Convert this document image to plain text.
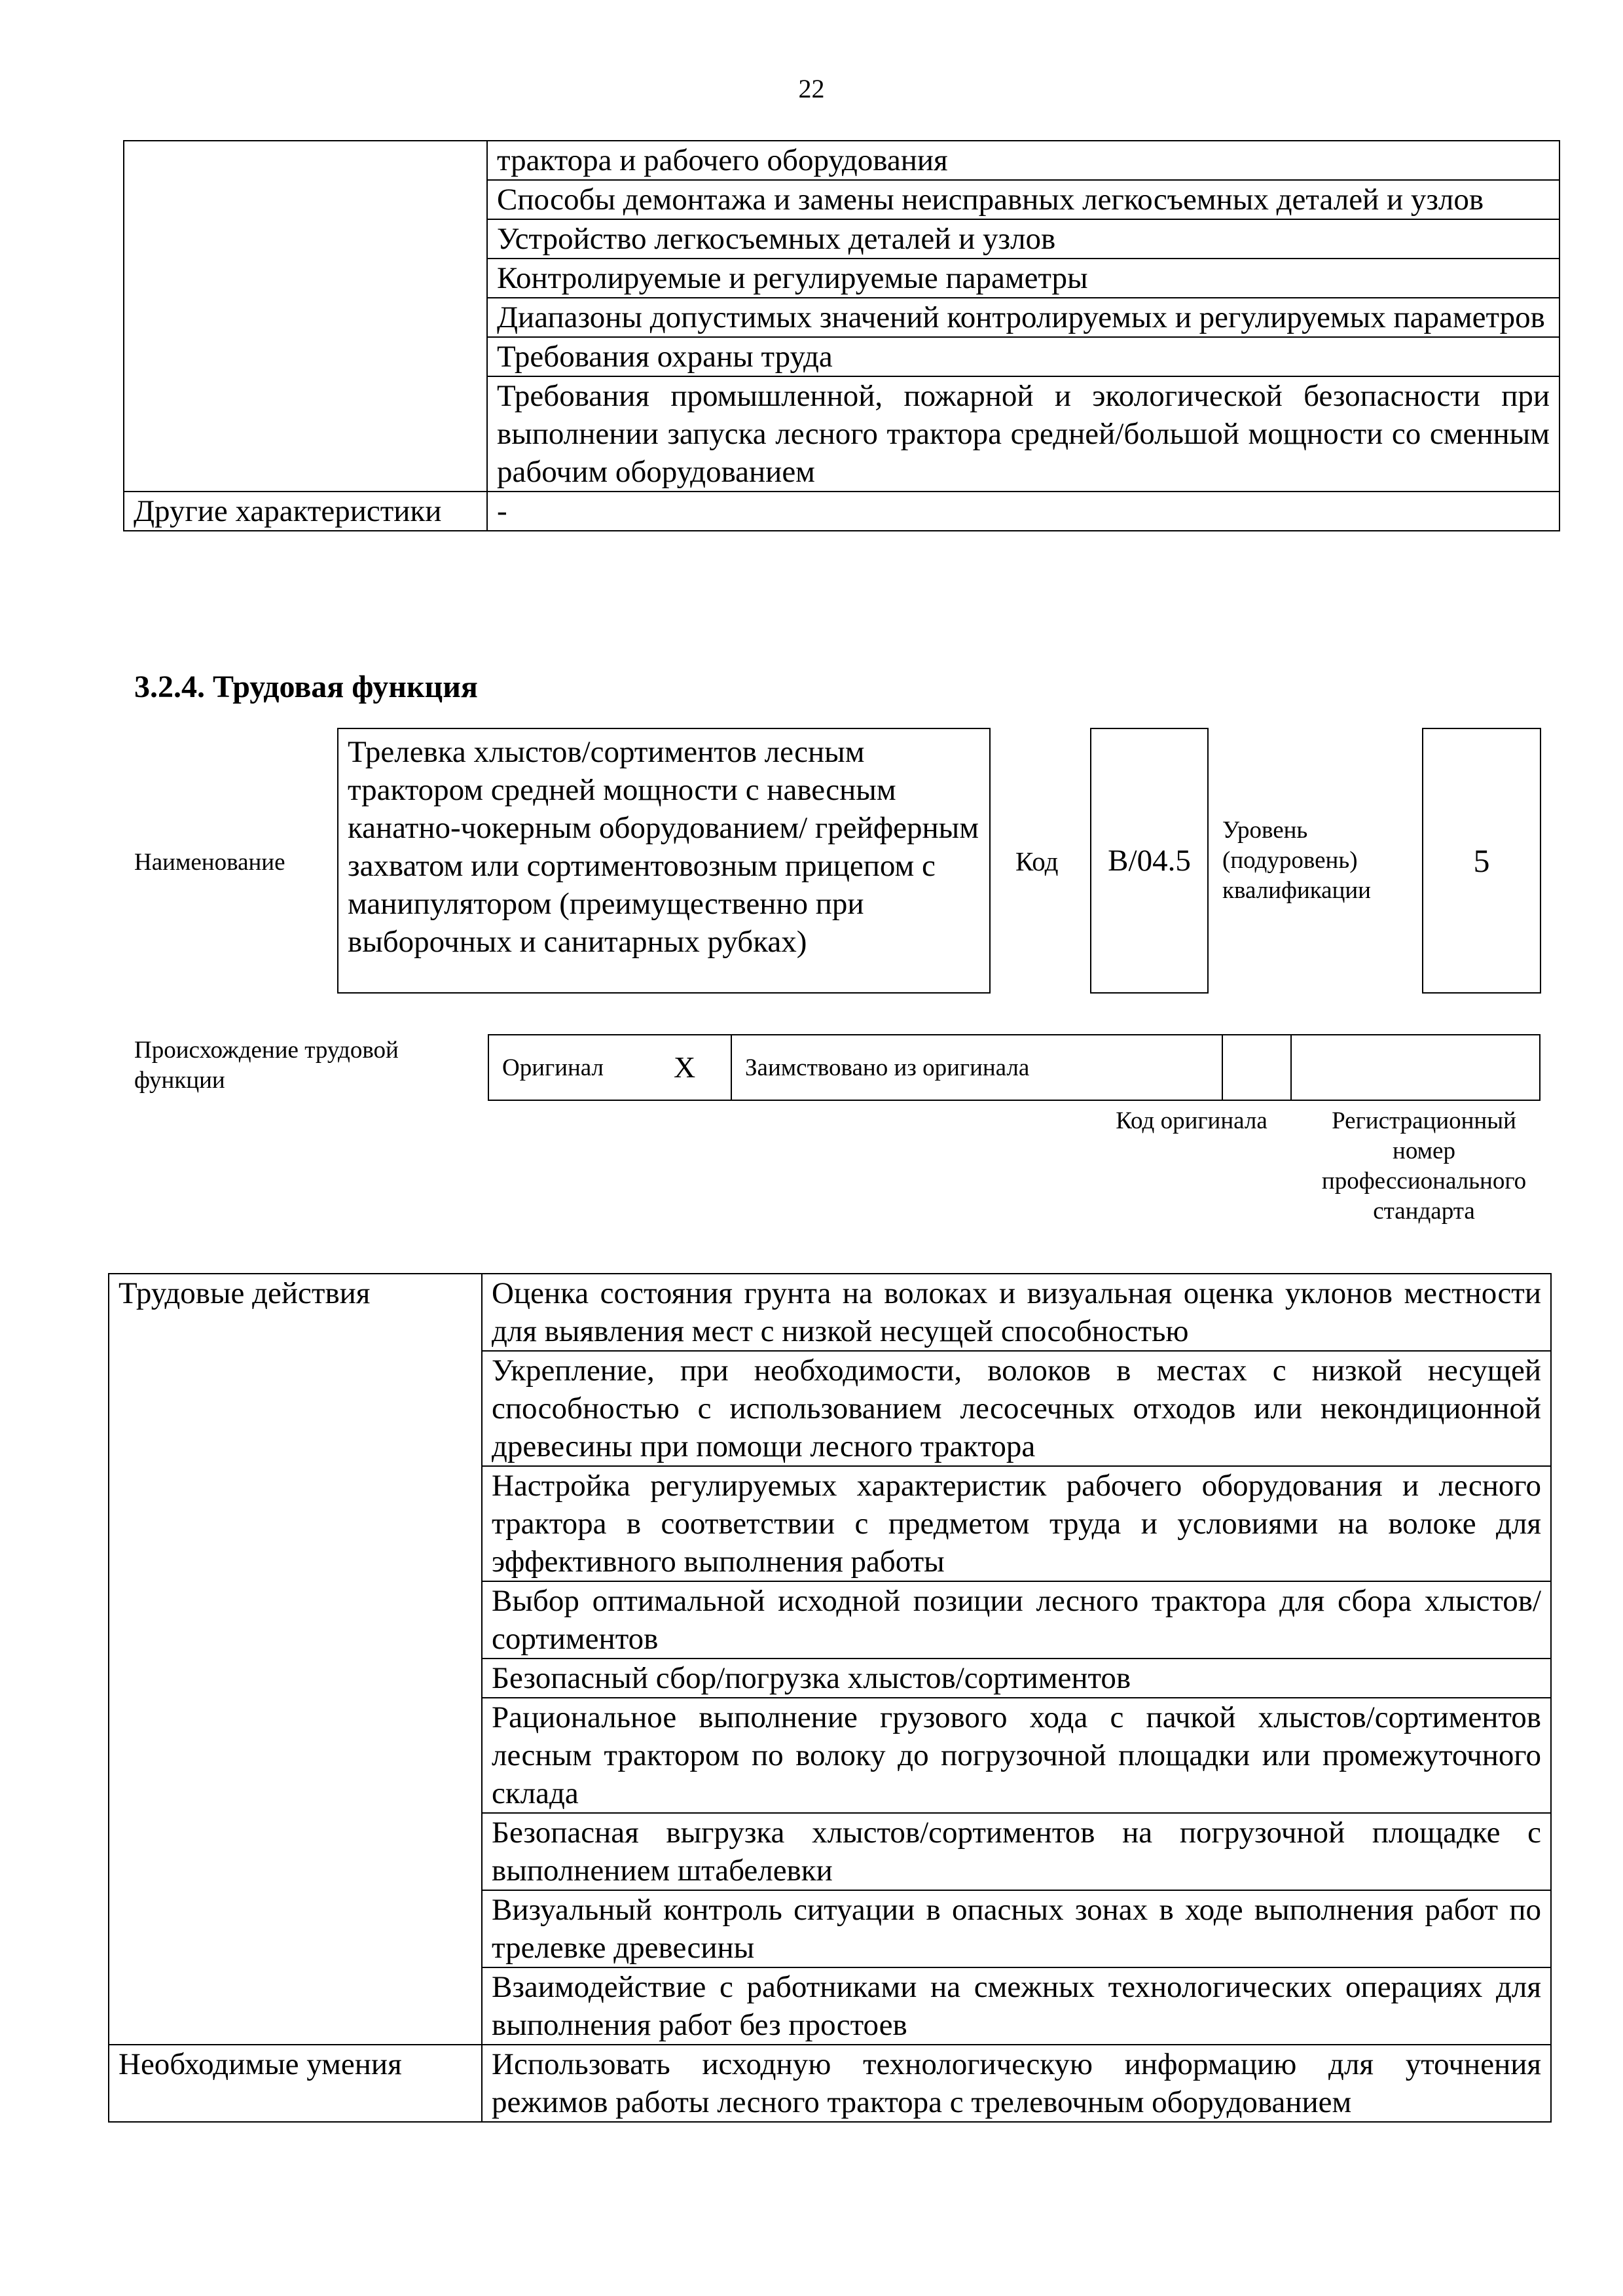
22
	трактора и рабочего оборудования
	Способы демонтажа и замены неисправных легкосъемных деталей и узлов
	Устройство легкосъемных деталей и узлов
	Контролируемые и регулируемые параметры
	Диапазоны допустимых значений контролируемых и регулируемых параметров
	Требования охраны труда
	Требования промышленной, пожарной и экологической безопасности при выполнении запуска лесного трактора средней/большой мощности со сменным рабочим оборудованием
Другие характеристики	-
3.2.4. Трудовая функция
Наименование
Трелевка хлыстов/сортиментов лесным трактором средней мощности с навесным канатно-чокерным оборудованием/ грейферным захватом или сортиментовозным прицепом с манипулятором (преимущественно при выборочных и санитарных рубках)
Код B/04.5
Уровень (подуровень) квалификации
5
Происхождение трудовой функции	Оригинал X Заимствовано из оригинала
Код оригинала	Регистрационный номер профессионального стандарта
Трудовые действия	Оценка состояния грунта на волоках и визуальная оценка уклонов местности для выявления мест с низкой несущей способностью
	Укрепление, при необходимости, волоков в местах с низкой несущей способностью с использованием лесосечных отходов или некондиционной древесины при помощи лесного трактора
	Настройка регулируемых характеристик рабочего оборудования и лесного трактора в соответствии с предметом труда и условиями на волоке для эффективного выполнения работы
	Выбор оптимальной исходной позиции лесного трактора для сбора хлыстов/сортиментов
	Безопасный сбор/погрузка хлыстов/сортиментов
	Рациональное выполнение грузового хода с пачкой хлыстов/сортиментов лесным трактором по волоку до погрузочной площадки или промежуточного склада
	Безопасная выгрузка хлыстов/сортиментов на погрузочной площадке с выполнением штабелевки
	Визуальный контроль ситуации в опасных зонах в ходе выполнения работ по трелевке древесины
	Взаимодействие с работниками на смежных технологических операциях для выполнения работ без простоев
Необходимые умения	Использовать исходную технологическую информацию для уточнения режимов работы лесного трактора с трелевочным оборудованием
